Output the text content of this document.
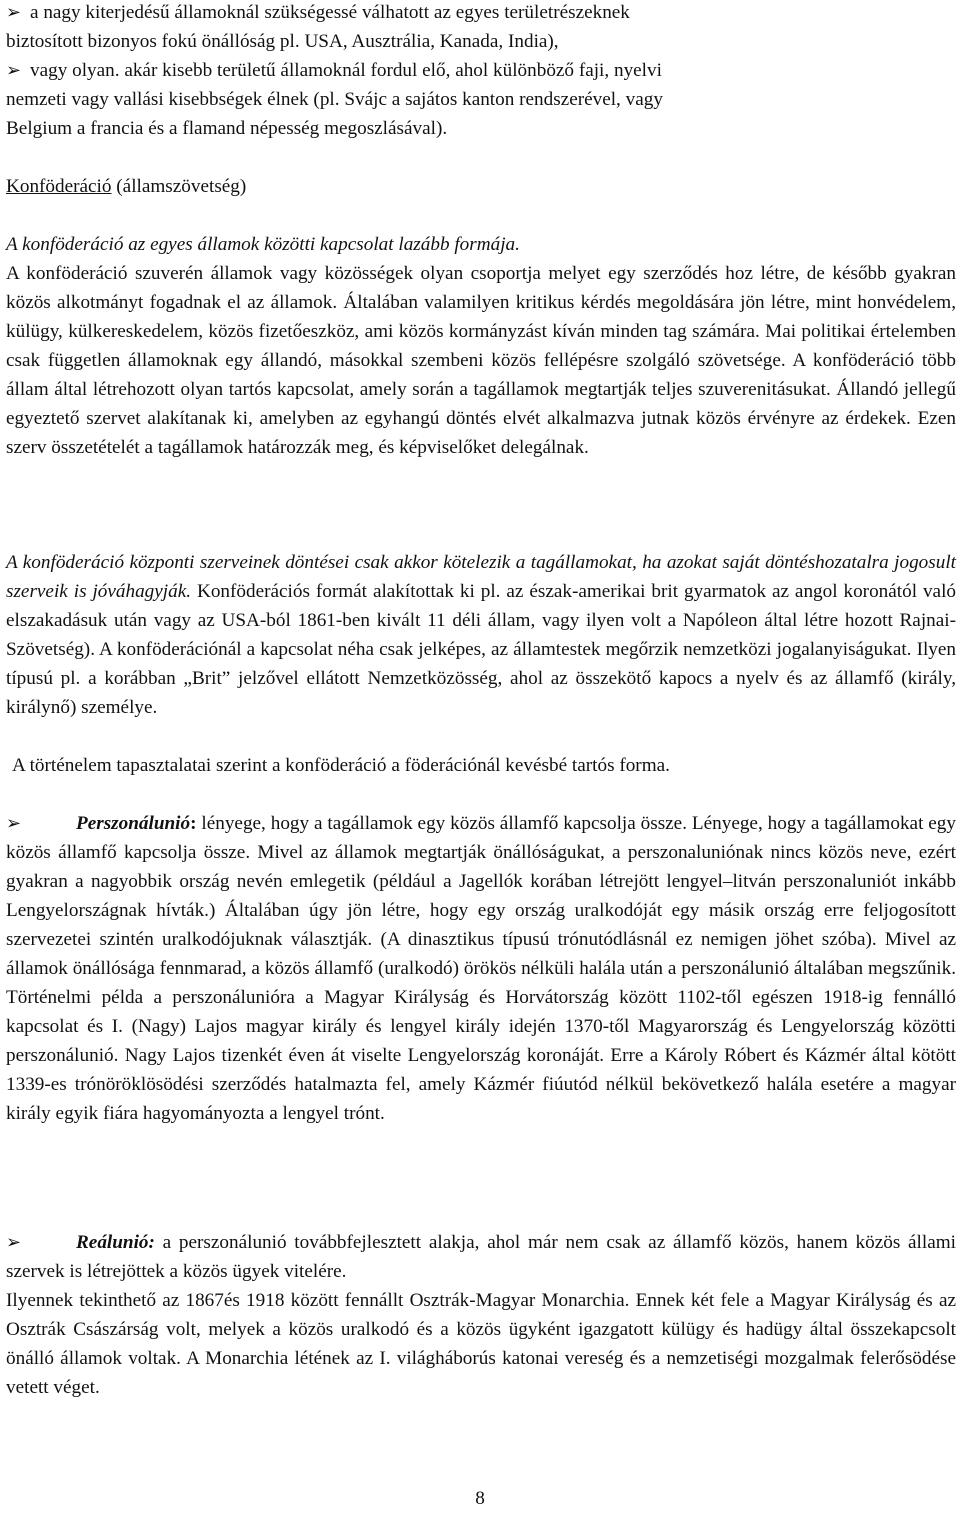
➢ a nagy kiterjedésű államoknál szükségessé válhatott az egyes területrészeknek
biztosított bizonyos fokú önállóság pl. USA, Ausztrália, Kanada, India),

➢ vagy olyan. akár kisebb területű államoknál fordul elő, ahol különböző faji, nyelvi
nemzeti vagy vallási kisebbségek élnek (pl. Svájc a sajátos kanton rendszerével, vagy
Belgium a francia és a flamand népesség megoszlásával).

Konföderáció (államszövetség)

A konföderáció az egyes államok közötti kapcsolat lazább formája.

A konföderáció szuverén államok vagy közösségek olyan csoportja melyet egy szerződés hoz létre, de később gyakran közös alkotmányt fogadnak el az államok. Általában valamilyen kritikus kérdés megoldására jön létre, mint honvédelem, külügy, külkereskedelem, közös fizetőeszköz, ami közös kormányzást kíván minden tag számára. Mai politikai értelemben csak független államoknak egy állandó, másokkal szembeni közös fellépésre szolgáló szövetsége. A konföderáció több állam által létrehozott olyan tartós kapcsolat, amely során a tagállamok megtartják teljes szuverenitásukat. Állandó jellegű egyeztető szervet alakítanak ki, amelyben az egyhangú döntés elvét alkalmazva jutnak közös érvényre az érdekek. Ezen szerv összetételét a tagállamok határozzák meg, és képviselőket delegálnak.

A konföderáció központi szerveinek döntései csak akkor kötelezik a tagállamokat, ha azokat saját döntéshozatalra jogosult szerveik is jóváhagyják. Konföderációs formát alakítottak ki pl. az észak-amerikai brit gyarmatok az angol koronától való elszakadásuk után vagy az USA-ból 1861-ben kivált 11 déli állam, vagy ilyen volt a Napóleon által létre hozott Rajnai-Szövetség). A konföderációnál a kapcsolat néha csak jelképes, az államtestek megőrzik nemzetközi jogalanyiságukat. Ilyen típusú pl. a korábban „Brit” jelzővel ellátott Nemzetközösség, ahol az összekötő kapocs a nyelv és az államfő (király, királynő) személye.

A történelem tapasztalatai szerint a konföderáció a föderációnál kevésbé tartós forma.

➢	Perszonálunió: lényege, hogy a tagállamok egy közös államfő kapcsolja össze. Lényege, hogy a tagállamokat egy közös államfő kapcsolja össze. Mivel az államok megtartják önállóságukat, a perszonaluniónak nincs közös neve, ezért gyakran a nagyobbik ország nevén emlegetik (például a Jagellók korában létrejött lengyel–litván perszonaluniót inkább Lengyelországnak hívták.) Általában úgy jön létre, hogy egy ország uralkodóját egy másik ország erre feljogosított szervezetei szintén uralkodójuknak választják. (A dinasztikus típusú trónutódlásnál ez nemigen jöhet szóba). Mivel az államok önállósága fennmarad, a közös államfő (uralkodó) örökös nélküli halála után a perszonálunió általában megszűnik. Történelmi példa a perszonálunióra a Magyar Királyság és Horvátország között 1102-től egészen 1918-ig fennálló kapcsolat és I. (Nagy) Lajos magyar király és lengyel király idején 1370-től Magyarország és Lengyelország közötti perszonálunió. Nagy Lajos tizenkét éven át viselte Lengyelország koronáját. Erre a Károly Róbert és Kázmér által kötött 1339-es trónöröklösödési szerződés hatalmazta fel, amely Kázmér fiúutód nélkül bekövetkező halála esetére a magyar király egyik fiára hagyományozta a lengyel trónt.

➢	Reálunió: a perszonálunió továbbfejlesztett alakja, ahol már nem csak az államfő közös, hanem közös állami szervek is létrejöttek a közös ügyek vitelére.

Ilyennek tekinthető az 1867és 1918 között fennállt Osztrák-Magyar Monarchia. Ennek két fele a Magyar Királyság és az Osztrák Császárság volt, melyek a közös uralkodó és a közös ügyként igazgatott külügy és hadügy által összekapcsolt önálló államok voltak. A Monarchia létének az I. világháborús katonai vereség és a nemzetiségi mozgalmak felerősödése vetett véget.

8
